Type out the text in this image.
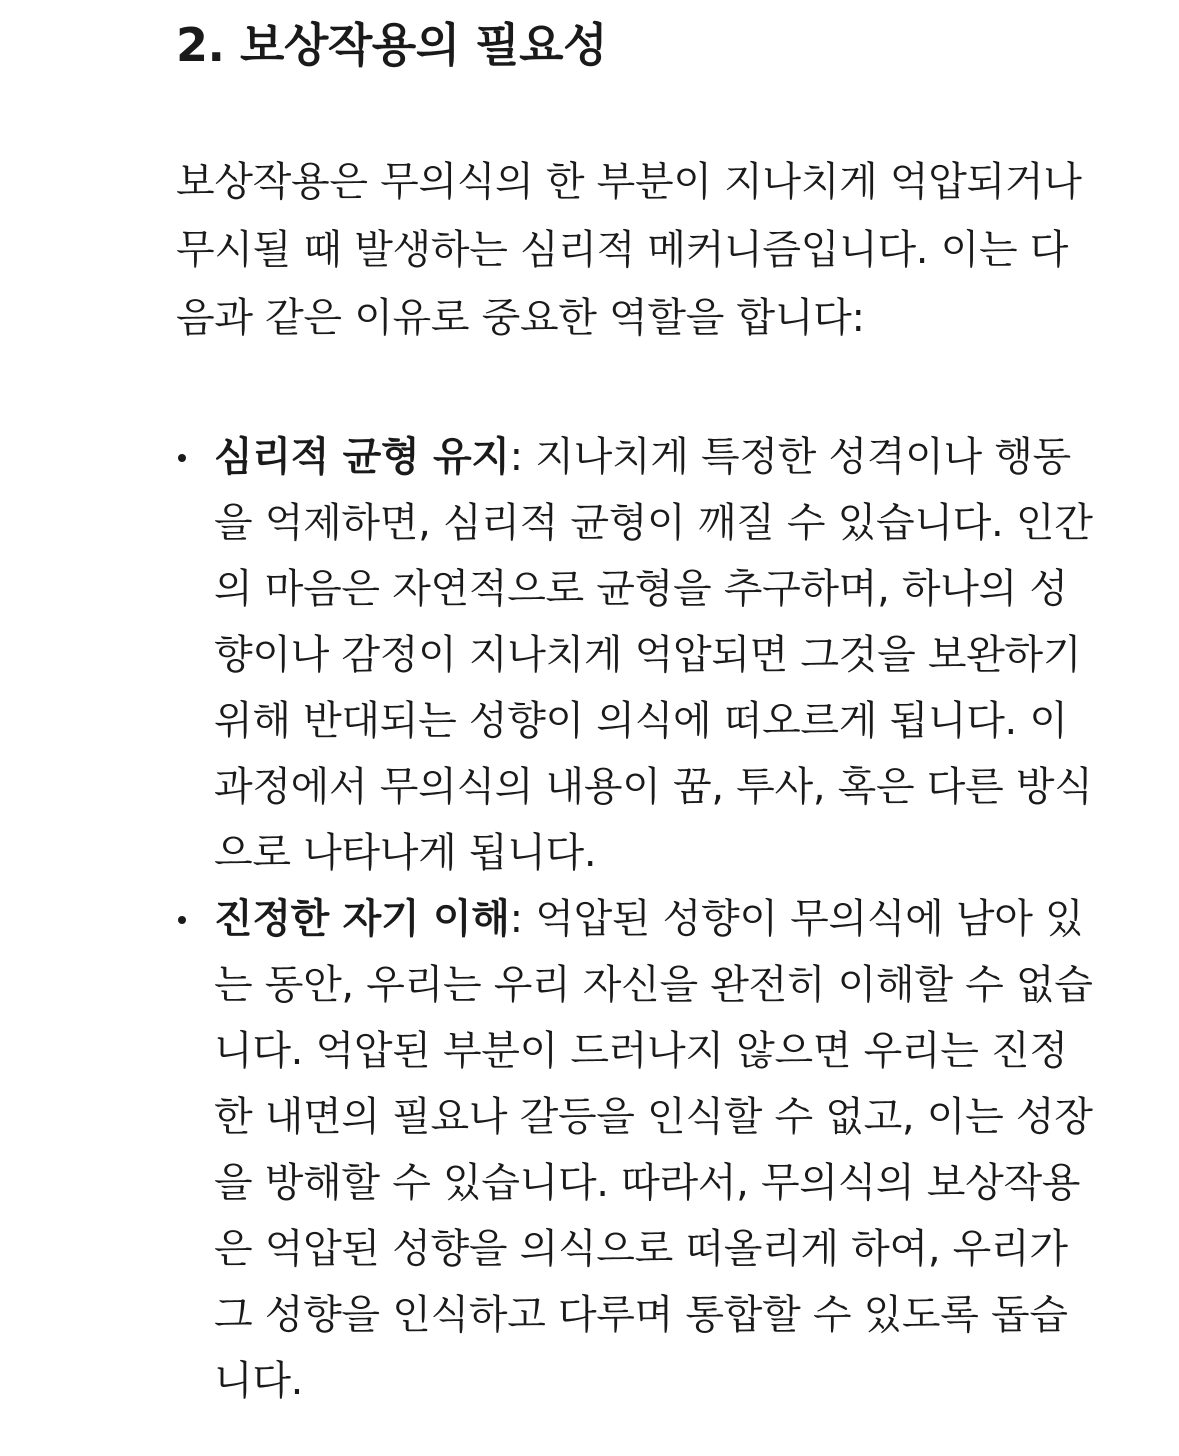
2. 보상작용의 필요성

보상작용은 무의식의 한 부분이 지나치게 억압되거나 무시될 때 발생하는 심리적 메커니즘입니다. 이는 다음과 같은 이유로 중요한 역할을 합니다:

심리적 균형 유지: 지나치게 특정한 성격이나 행동을 억제하면, 심리적 균형이 깨질 수 있습니다. 인간의 마음은 자연적으로 균형을 추구하며, 하나의 성향이나 감정이 지나치게 억압되면 그것을 보완하기 위해 반대되는 성향이 의식에 떠오르게 됩니다. 이 과정에서 무의식의 내용이 꿈, 투사, 혹은 다른 방식으로 나타나게 됩니다.
진정한 자기 이해: 억압된 성향이 무의식에 남아 있는 동안, 우리는 우리 자신을 완전히 이해할 수 없습니다. 억압된 부분이 드러나지 않으면 우리는 진정한 내면의 필요나 갈등을 인식할 수 없고, 이는 성장을 방해할 수 있습니다. 따라서, 무의식의 보상작용은 억압된 성향을 의식으로 떠올리게 하여, 우리가 그 성향을 인식하고 다루며 통합할 수 있도록 돕습니다.
